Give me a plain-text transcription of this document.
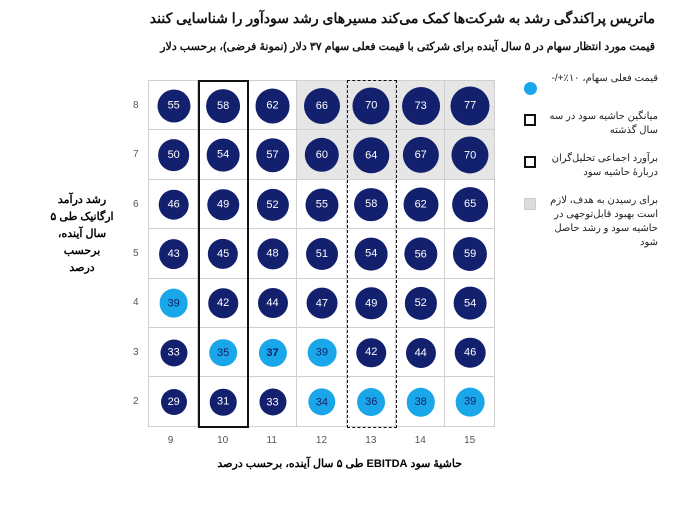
ماتریس پراکندگی رشد به شرکت‌ها کمک می‌کند مسیرهای رشد سودآور را شناسایی کنند
قیمت مورد انتظار سهام در ۵ سال آینده برای شرکتی با قیمت فعلی سهام ۳۷ دلار (نمونهٔ فرضی)، برحسب دلار
55	58	62	66	70	73	77
50	54	57	60	64	67	70
46	49	52	55	58	62	65
43	45	48	51	54	56	59
39	42	44	47	49	52	54
33	35	37	39	42	44	46
29	31	33	34	36	38	39
9	10	11	12	13	14	15
8
7
6
5
4
3
2
رشد درآمد ارگانیک طی ۵ سال آینده، برحسب درصد
حاشیهٔ سود EBITDA طی ۵ سال آینده، برحسب درصد
قیمت فعلی سهام، ۱۰٪+/-
میانگین حاشیه سود در سه سال گذشته
برآورد اجماعی تحلیل‌گران دربارهٔ حاشیه سود
برای رسیدن به هدف، لازم است بهبود قابل‌توجهی در حاشیه سود و رشد حاصل شود
